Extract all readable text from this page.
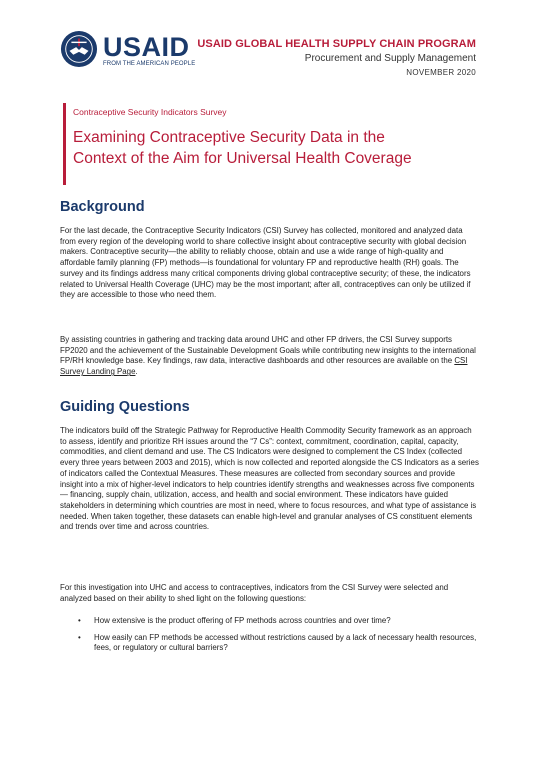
USAID
FROM THE AMERICAN PEOPLE
USAID GLOBAL HEALTH SUPPLY CHAIN PROGRAM
Procurement and Supply Management
NOVEMBER 2020
Contraceptive Security Indicators Survey
Examining Contraceptive Security Data in the
Context of the Aim for Universal Health Coverage
Background

For the last decade, the Contraceptive Security Indicators (CSI) Survey has collected, monitored and analyzed data from every region of the developing world to share collective insight about contraceptive security with global decision makers. Contraceptive security—the ability to reliably choose, obtain and use a wide range of high-quality and affordable family planning (FP) methods—is foundational for voluntary FP and reproductive health (RH) goals. The survey and its findings address many critical components driving global contraceptive security; of these, the indicators related to Universal Health Coverage (UHC) may be the most important; after all, contraceptives can only be utilized if they are accessible to those who need them.

By assisting countries in gathering and tracking data around UHC and other FP drivers, the CSI Survey supports FP2020 and the achievement of the Sustainable Development Goals while contributing new insights to the international FP/RH knowledge base. Key findings, raw data, interactive dashboards and other resources are available on the CSI Survey Landing Page.

Guiding Questions

The indicators build off the Strategic Pathway for Reproductive Health Commodity Security framework as an approach to assess, identify and prioritize RH issues around the “7 Cs”: context, commitment, coordination, capital, capacity, commodities, and client demand and use. The CS Indicators were designed to complement the CS Index (collected every three years between 2003 and 2015), which is now collected and reported alongside the CS Indicators as a series of indicators called the Contextual Measures. These measures are collected from secondary sources and provide insight into a mix of higher-level indicators to help countries identify strengths and weaknesses across five components — financing, supply chain, utilization, access, and health and social environment. These indicators have guided stakeholders in determining which countries are most in need, where to focus resources, and what type of assistance is needed. When taken together, these datasets can enable high-level and granular analyses of CS constituent elements and trends over time and across countries.

For this investigation into UHC and access to contraceptives, indicators from the CSI Survey were selected and analyzed based on their ability to shed light on the following questions:

• How extensive is the product offering of FP methods across countries and over time?
• How easily can FP methods be accessed without restrictions caused by a lack of necessary health resources, fees, or regulatory or cultural barriers?
